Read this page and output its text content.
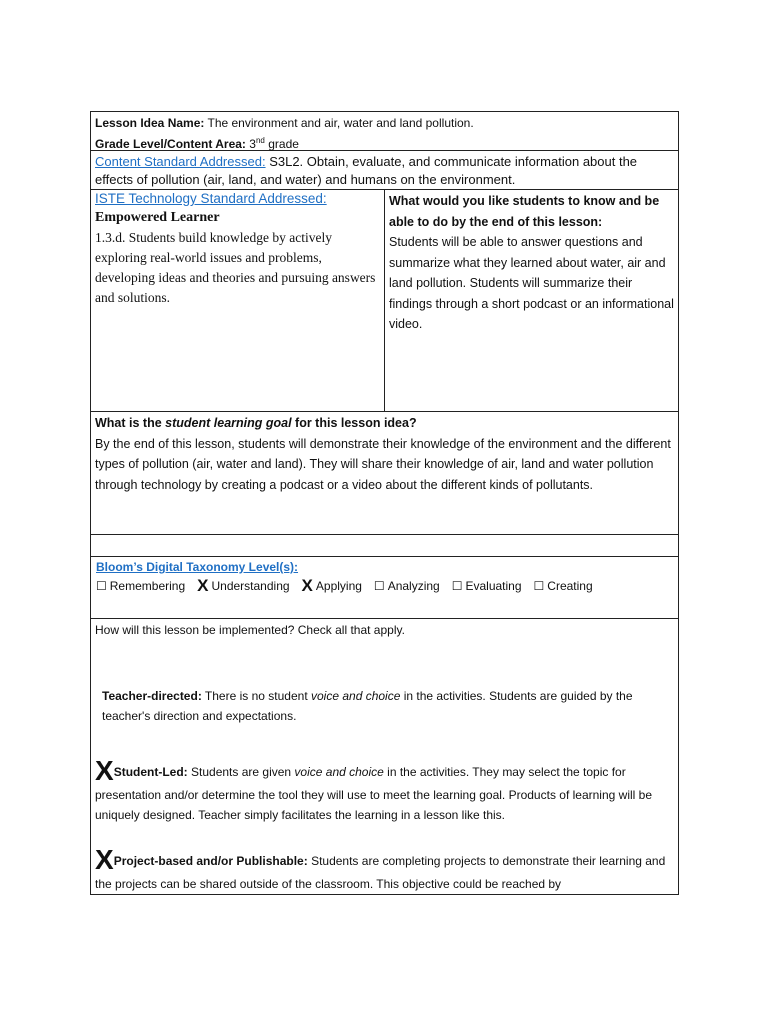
Lesson Idea Name: The environment and air, water and land pollution.
Grade Level/Content Area: 3nd grade
Content Standard Addressed: S3L2. Obtain, evaluate, and communicate information about the effects of pollution (air, land, and water) and humans on the environment.
ISTE Technology Standard Addressed:
Empowered Learner
1.3.d. Students build knowledge by actively exploring real-world issues and problems, developing ideas and theories and pursuing answers and solutions.
What would you like students to know and be able to do by the end of this lesson:
Students will be able to answer questions and summarize what they learned about water, air and land pollution. Students will summarize their findings through a short podcast or an informational video.
What is the student learning goal for this lesson idea?
By the end of this lesson, students will demonstrate their knowledge of the environment and the different types of pollution (air, water and land). They will share their knowledge of air, land and water pollution through technology by creating a podcast or a video about the different kinds of pollutants.
Bloom’s Digital Taxonomy Level(s):
☐ Remembering X Understanding X Applying ☐ Analyzing ☐ Evaluating ☐ Creating
How will this lesson be implemented? Check all that apply.
Teacher-directed: There is no student voice and choice in the activities. Students are guided by the teacher's direction and expectations.
XStudent-Led: Students are given voice and choice in the activities. They may select the topic for presentation and/or determine the tool they will use to meet the learning goal. Products of learning will be uniquely designed. Teacher simply facilitates the learning in a lesson like this.
XProject-based and/or Publishable: Students are completing projects to demonstrate their learning and the projects can be shared outside of the classroom. This objective could be reached by
